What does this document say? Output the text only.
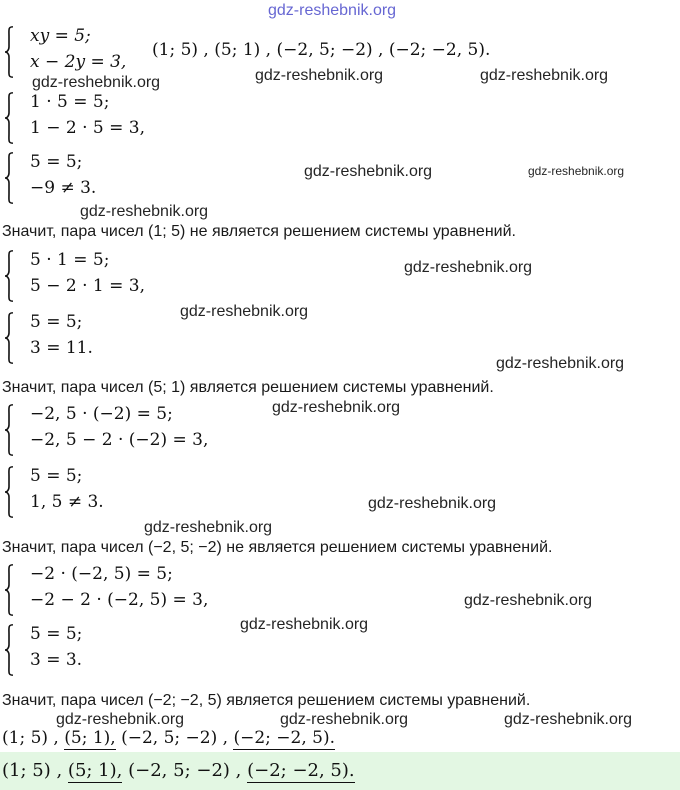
gdz-reshebnik.org
xy = 5;
x − 2y = 3,
(1; 5) , (5; 1) , (−2, 5; −2) , (−2; −2, 5).
gdz-reshebnik.org	gdz-reshebnik.org	gdz-reshebnik.org
1 · 5 = 5;
1 − 2 · 5 = 3,
5 = 5;
−9 ≠ 3.
gdz-reshebnik.org	gdz-reshebnik.org
gdz-reshebnik.org
Значит, пара чисел (1; 5) не является решением системы уравнений.
5 · 1 = 5;
5 − 2 · 1 = 3,
gdz-reshebnik.org
gdz-reshebnik.org
5 = 5;
3 = 11.
gdz-reshebnik.org
Значит, пара чисел (5; 1) является решением системы уравнений.
gdz-reshebnik.org
−2, 5 · (−2) = 5;
−2, 5 − 2 · (−2) = 3,
5 = 5;
1, 5 ≠ 3.	gdz-reshebnik.org
gdz-reshebnik.org
Значит, пара чисел (−2, 5; −2) не является решением системы уравнений.
−2 · (−2, 5) = 5;
−2 − 2 · (−2, 5) = 3,	gdz-reshebnik.org
gdz-reshebnik.org
5 = 5;
3 = 3.
Значит, пара чисел (−2; −2, 5) является решением системы уравнений.
gdz-reshebnik.org	gdz-reshebnik.org	gdz-reshebnik.org
(1; 5) , (5; 1), (−2, 5; −2) , (−2; −2, 5).
(1; 5) , (5; 1), (−2, 5; −2) , (−2; −2, 5).
